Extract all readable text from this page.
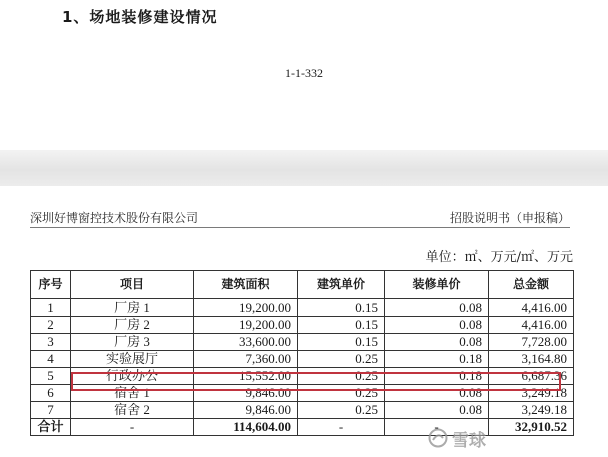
1、场地装修建设情况
1-1-332
深圳好博窗控技术股份有限公司	招股说明书（申报稿）
单位：㎡、万元/㎡、万元
序号	项目	建筑面积	建筑单价	装修单价	总金额
1	厂房 1	19,200.00	0.15	0.08	4,416.00
2	厂房 2	19,200.00	0.15	0.08	4,416.00
3	厂房 3	33,600.00	0.15	0.08	7,728.00
4	实验展厅	7,360.00	0.25	0.18	3,164.80
5	行政办公	15,552.00	0.25	0.18	6,687.36
6	宿舍 1	9,846.00	0.25	0.08	3,249.18
7	宿舍 2	9,846.00	0.25	0.08	3,249.18
合计	-	114,604.00	-	-	32,910.52
雪球
